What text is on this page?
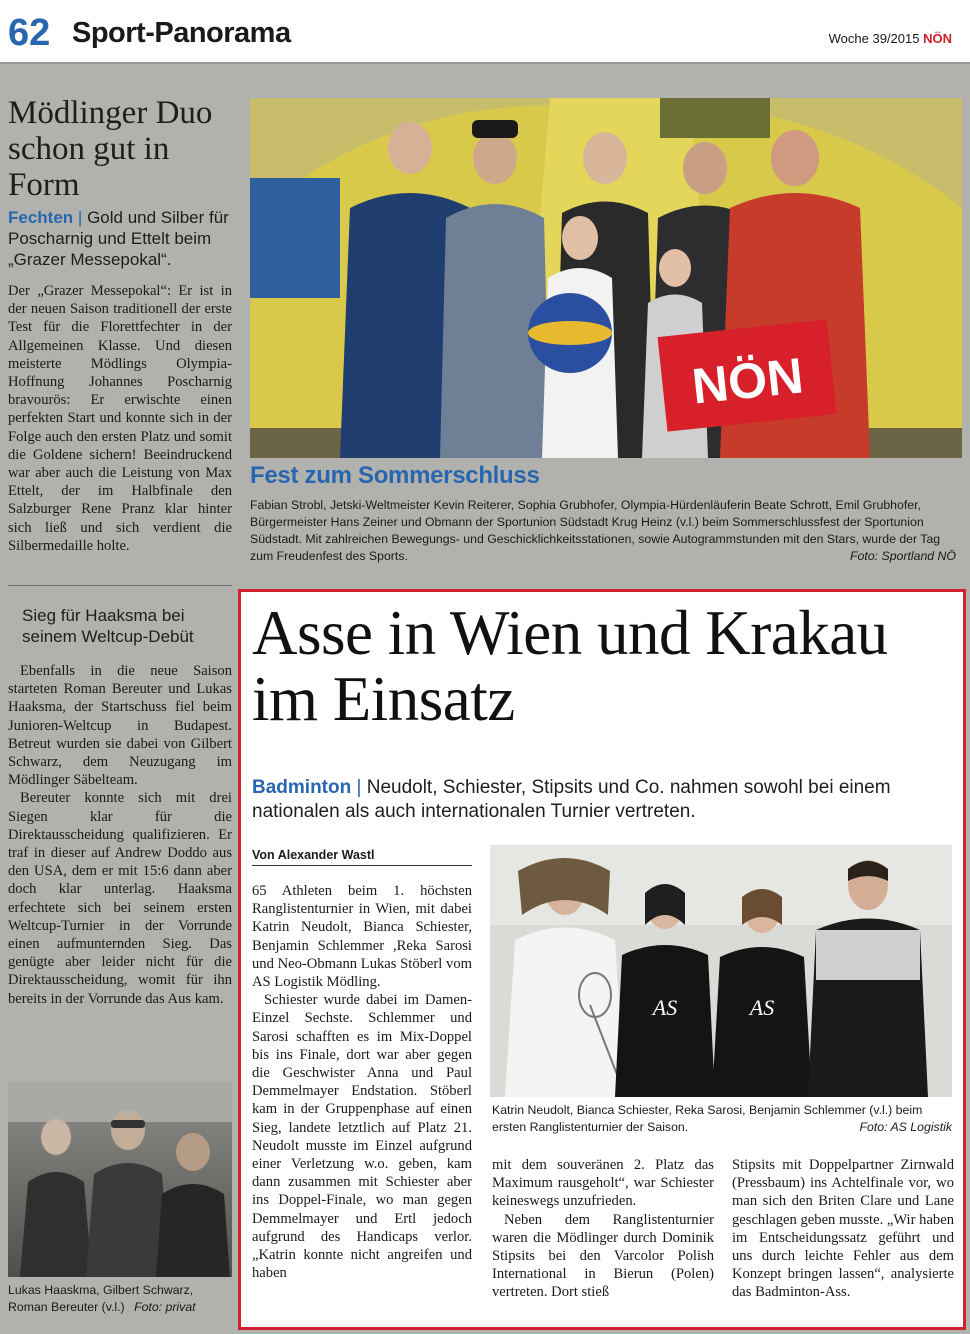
62 Sport-Panorama	Woche 39/2015 NÖN
Mödlinger Duo schon gut in Form
Fechten | Gold und Silber für Poscharnig und Ettelt beim „Grazer Messepokal“.
Der „Grazer Messepokal“: Er ist in der neuen Saison traditionell der erste Test für die Florettfechter in der Allgemeinen Klasse. Und diesen meisterte Mödlings Olympia-Hoffnung Johannes Poscharnig bravourös: Er erwischte einen perfekten Start und konnte sich in der Folge auch den ersten Platz und somit die Goldene sichern! Beeindruckend war aber auch die Leistung von Max Ettelt, der im Halbfinale den Salzburger Rene Pranz klar hinter sich ließ und sich verdient die Silbermedaille holte.
Sieg für Haaksma bei seinem Weltcup-Debüt

Ebenfalls in die neue Saison starteten Roman Bereuter und Lukas Haaksma, der Startschuss fiel beim Junioren-Weltcup in Budapest. Betreut wurden sie dabei von Gilbert Schwarz, dem Neuzugang im Mödlinger Säbelteam.

Bereuter konnte sich mit drei Siegen klar für die Direktausscheidung qualifizieren. Er traf in dieser auf Andrew Doddo aus den USA, dem er mit 15:6 dann aber doch klar unterlag. Haaksma erfechtete sich bei seinem ersten Weltcup-Turnier in der Vorrunde einen aufmunternden Sieg. Das genügte aber leider nicht für die Direktausscheidung, womit für ihn bereits in der Vorrunde das Aus kam.

Lukas Haaskma, Gilbert Schwarz, Roman Bereuter (v.l.) Foto: privat
NÖN
Fest zum Sommerschluss
Fabian Strobl, Jetski-Weltmeister Kevin Reiterer, Sophia Grubhofer, Olympia-Hürdenläuferin Beate Schrott, Emil Grubhofer, Bürgermeister Hans Zeiner und Obmann der Sportunion Südstadt Krug Heinz (v.l.) beim Sommerschlussfest der Sportunion Südstadt. Mit zahlreichen Bewegungs- und Geschicklichkeitsstationen, sowie Autogrammstunden mit den Stars, wurde der Tag zum Freudenfest des Sports.	Foto: Sportland NÖ
Asse in Wien und Krakau im Einsatz
Badminton | Neudolt, Schiester, Stipsits und Co. nahmen sowohl bei einem nationalen als auch internationalen Turnier vertreten.
Von Alexander Wastl

65 Athleten beim 1. höchsten Ranglistenturnier in Wien, mit dabei Katrin Neudolt, Bianca Schiester, Benjamin Schlemmer ,Reka Sarosi und Neo-Obmann Lukas Stöberl vom AS Logistik Mödling.

Schiester wurde dabei im Damen-Einzel Sechste. Schlemmer und Sarosi schafften es im Mix-Doppel bis ins Finale, dort war aber gegen die Geschwister Anna und Paul Demmelmayer Endstation. Stöberl kam in der Gruppenphase auf einen Sieg, landete letztlich auf Platz 21. Neudolt musste im Einzel aufgrund einer Verletzung w.o. geben, kam dann zusammen mit Schiester aber ins Doppel-Finale, wo man gegen Demmelmayer und Ertl jedoch aufgrund des Handicaps verlor. „Katrin konnte nicht angreifen und haben

AS	AS
Katrin Neudolt, Bianca Schiester, Reka Sarosi, Benjamin Schlemmer (v.l.) beim ersten Ranglistenturnier der Saison.	Foto: AS Logistik

mit dem souveränen 2. Platz das Maximum rausgeholt“, war Schiester keineswegs unzufrieden.

Neben dem Ranglistenturnier waren die Mödlinger durch Dominik Stipsits bei den Varcolor Polish International in Bierun (Polen) vertreten. Dort stieß

Stipsits mit Doppelpartner Zirnwald (Pressbaum) ins Achtelfinale vor, wo man sich den Briten Clare und Lane geschlagen geben musste. „Wir haben im Entscheidungssatz geführt und uns durch leichte Fehler aus dem Konzept bringen lassen“, analysierte das Badminton-Ass.
